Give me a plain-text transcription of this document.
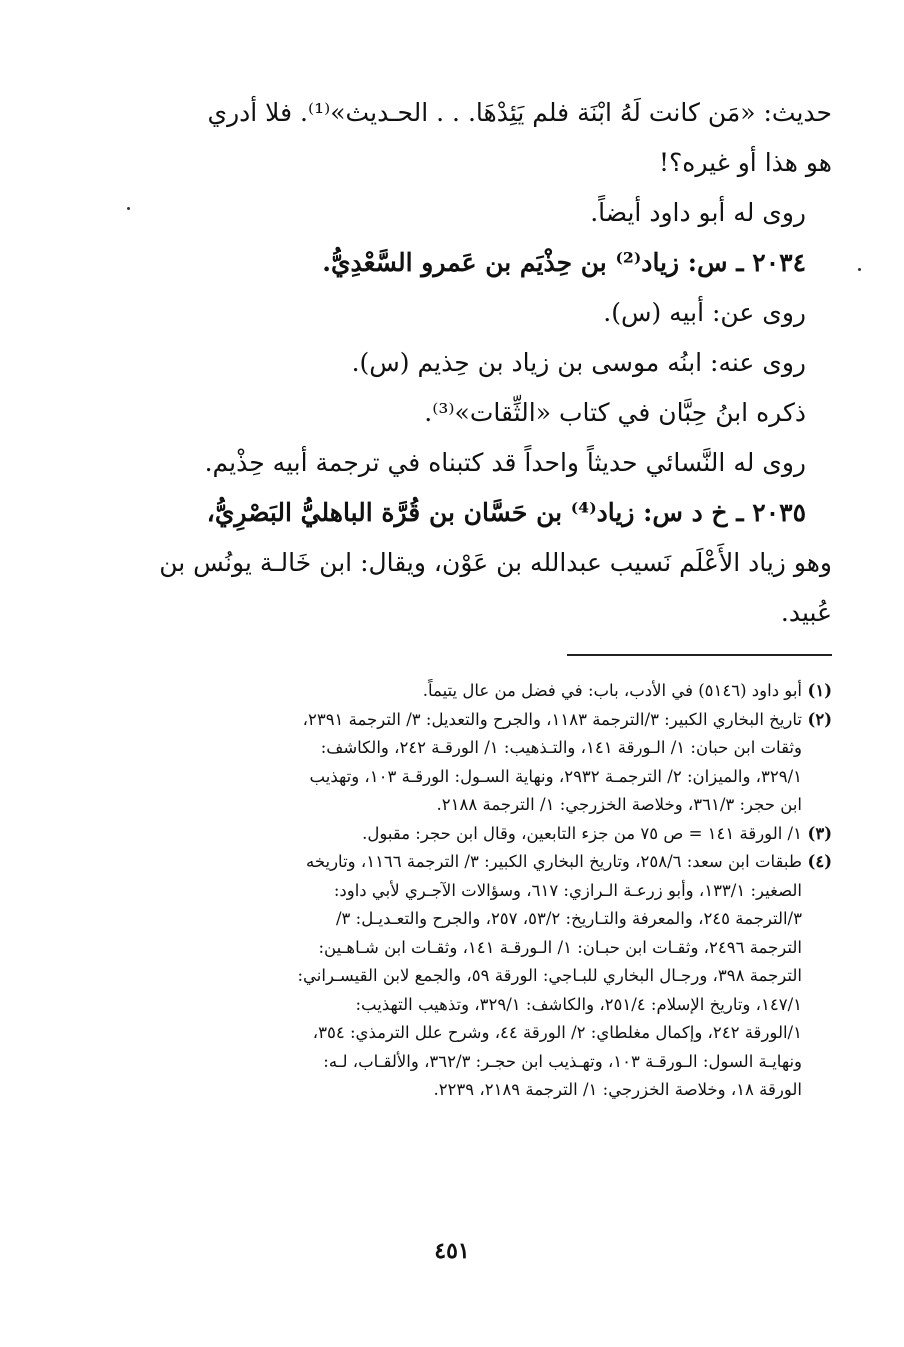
حديث: «مَن كانت لَهُ ابْنَة فلم يَئِدْهَا. . . الحـديث»⁽¹⁾. فلا أدري
هو هذا أو غيره؟!
روى له أبو داود أيضاً.
٢٠٣٤ ـ س: زياد⁽²⁾ بن حِذْيَم بن عَمرو السَّعْدِيُّ.
روى عن: أبيه (س).
روى عنه: ابنُه موسى بن زياد بن حِذيم (س).
ذكره ابنُ حِبَّان في كتاب «الثِّقات»⁽³⁾.
روى له النَّسائي حديثاً واحداً قد كتبناه في ترجمة أبيه حِذْيم.
٢٠٣٥ ـ خ د س: زياد⁽⁴⁾ بن حَسَّان بن قُرَّة الباهليُّ البَصْرِيُّ،
وهو زياد الأَعْلَم نَسيب عبدالله بن عَوْن، ويقال: ابن خَالـة يونُس بن
عُبيد.
(١)أبو داود (٥١٤٦) في الأدب، باب: في فضل من عال يتيماً.
(٢)تاريخ البخاري الكبير: ٣/الترجمة ١١٨٣، والجرح والتعديل: ٣/ الترجمة ٢٣٩١،
وثقات ابن حبان: ١/ الـورقة ١٤١، والتـذهيب: ١/ الورقـة ٢٤٢، والكاشف:
٣٢٩/١، والميزان: ٢/ الترجمـة ٢٩٣٢، ونهاية السـول: الورقـة ١٠٣، وتهذيب
ابن حجر: ٣٦١/٣، وخلاصة الخزرجي: ١/ الترجمة ٢١٨٨.
(٣)١/ الورقة ١٤١ = ص ٧٥ من جزء التابعين، وقال ابن حجر: مقبول.
(٤)طبقات ابن سعد: ٢٥٨/٦، وتاريخ البخاري الكبير: ٣/ الترجمة ١١٦٦، وتاريخه
الصغير: ١٣٣/١، وأبو زرعـة الـرازي: ٦١٧، وسؤالات الآجـري لأبي داود:
٣/الترجمة ٢٤٥، والمعرفة والتـاريخ: ٥٣/٢، ٢٥٧، والجرح والتعـديـل: ٣/
الترجمة ٢٤٩٦، وثقـات ابن حبـان: ١/ الـورقـة ١٤١، وثقـات ابن شـاهـين:
الترجمة ٣٩٨، ورجـال البخاري للبـاجي: الورقة ٥٩، والجمع لابن القيسـراني:
١٤٧/١، وتاريخ الإسلام: ٢٥١/٤، والكاشف: ٣٢٩/١، وتذهيب التهذيب:
١/الورقة ٢٤٢، وإكمال مغلطاي: ٢/ الورقة ٤٤، وشرح علل الترمذي: ٣٥٤،
ونهايـة السول: الـورقـة ١٠٣، وتهـذيب ابن حجـر: ٣٦٢/٣، والألقـاب، لـه:
الورقة ١٨، وخلاصة الخزرجي: ١/ الترجمة ٢١٨٩، ٢٢٣٩.
٤٥١
